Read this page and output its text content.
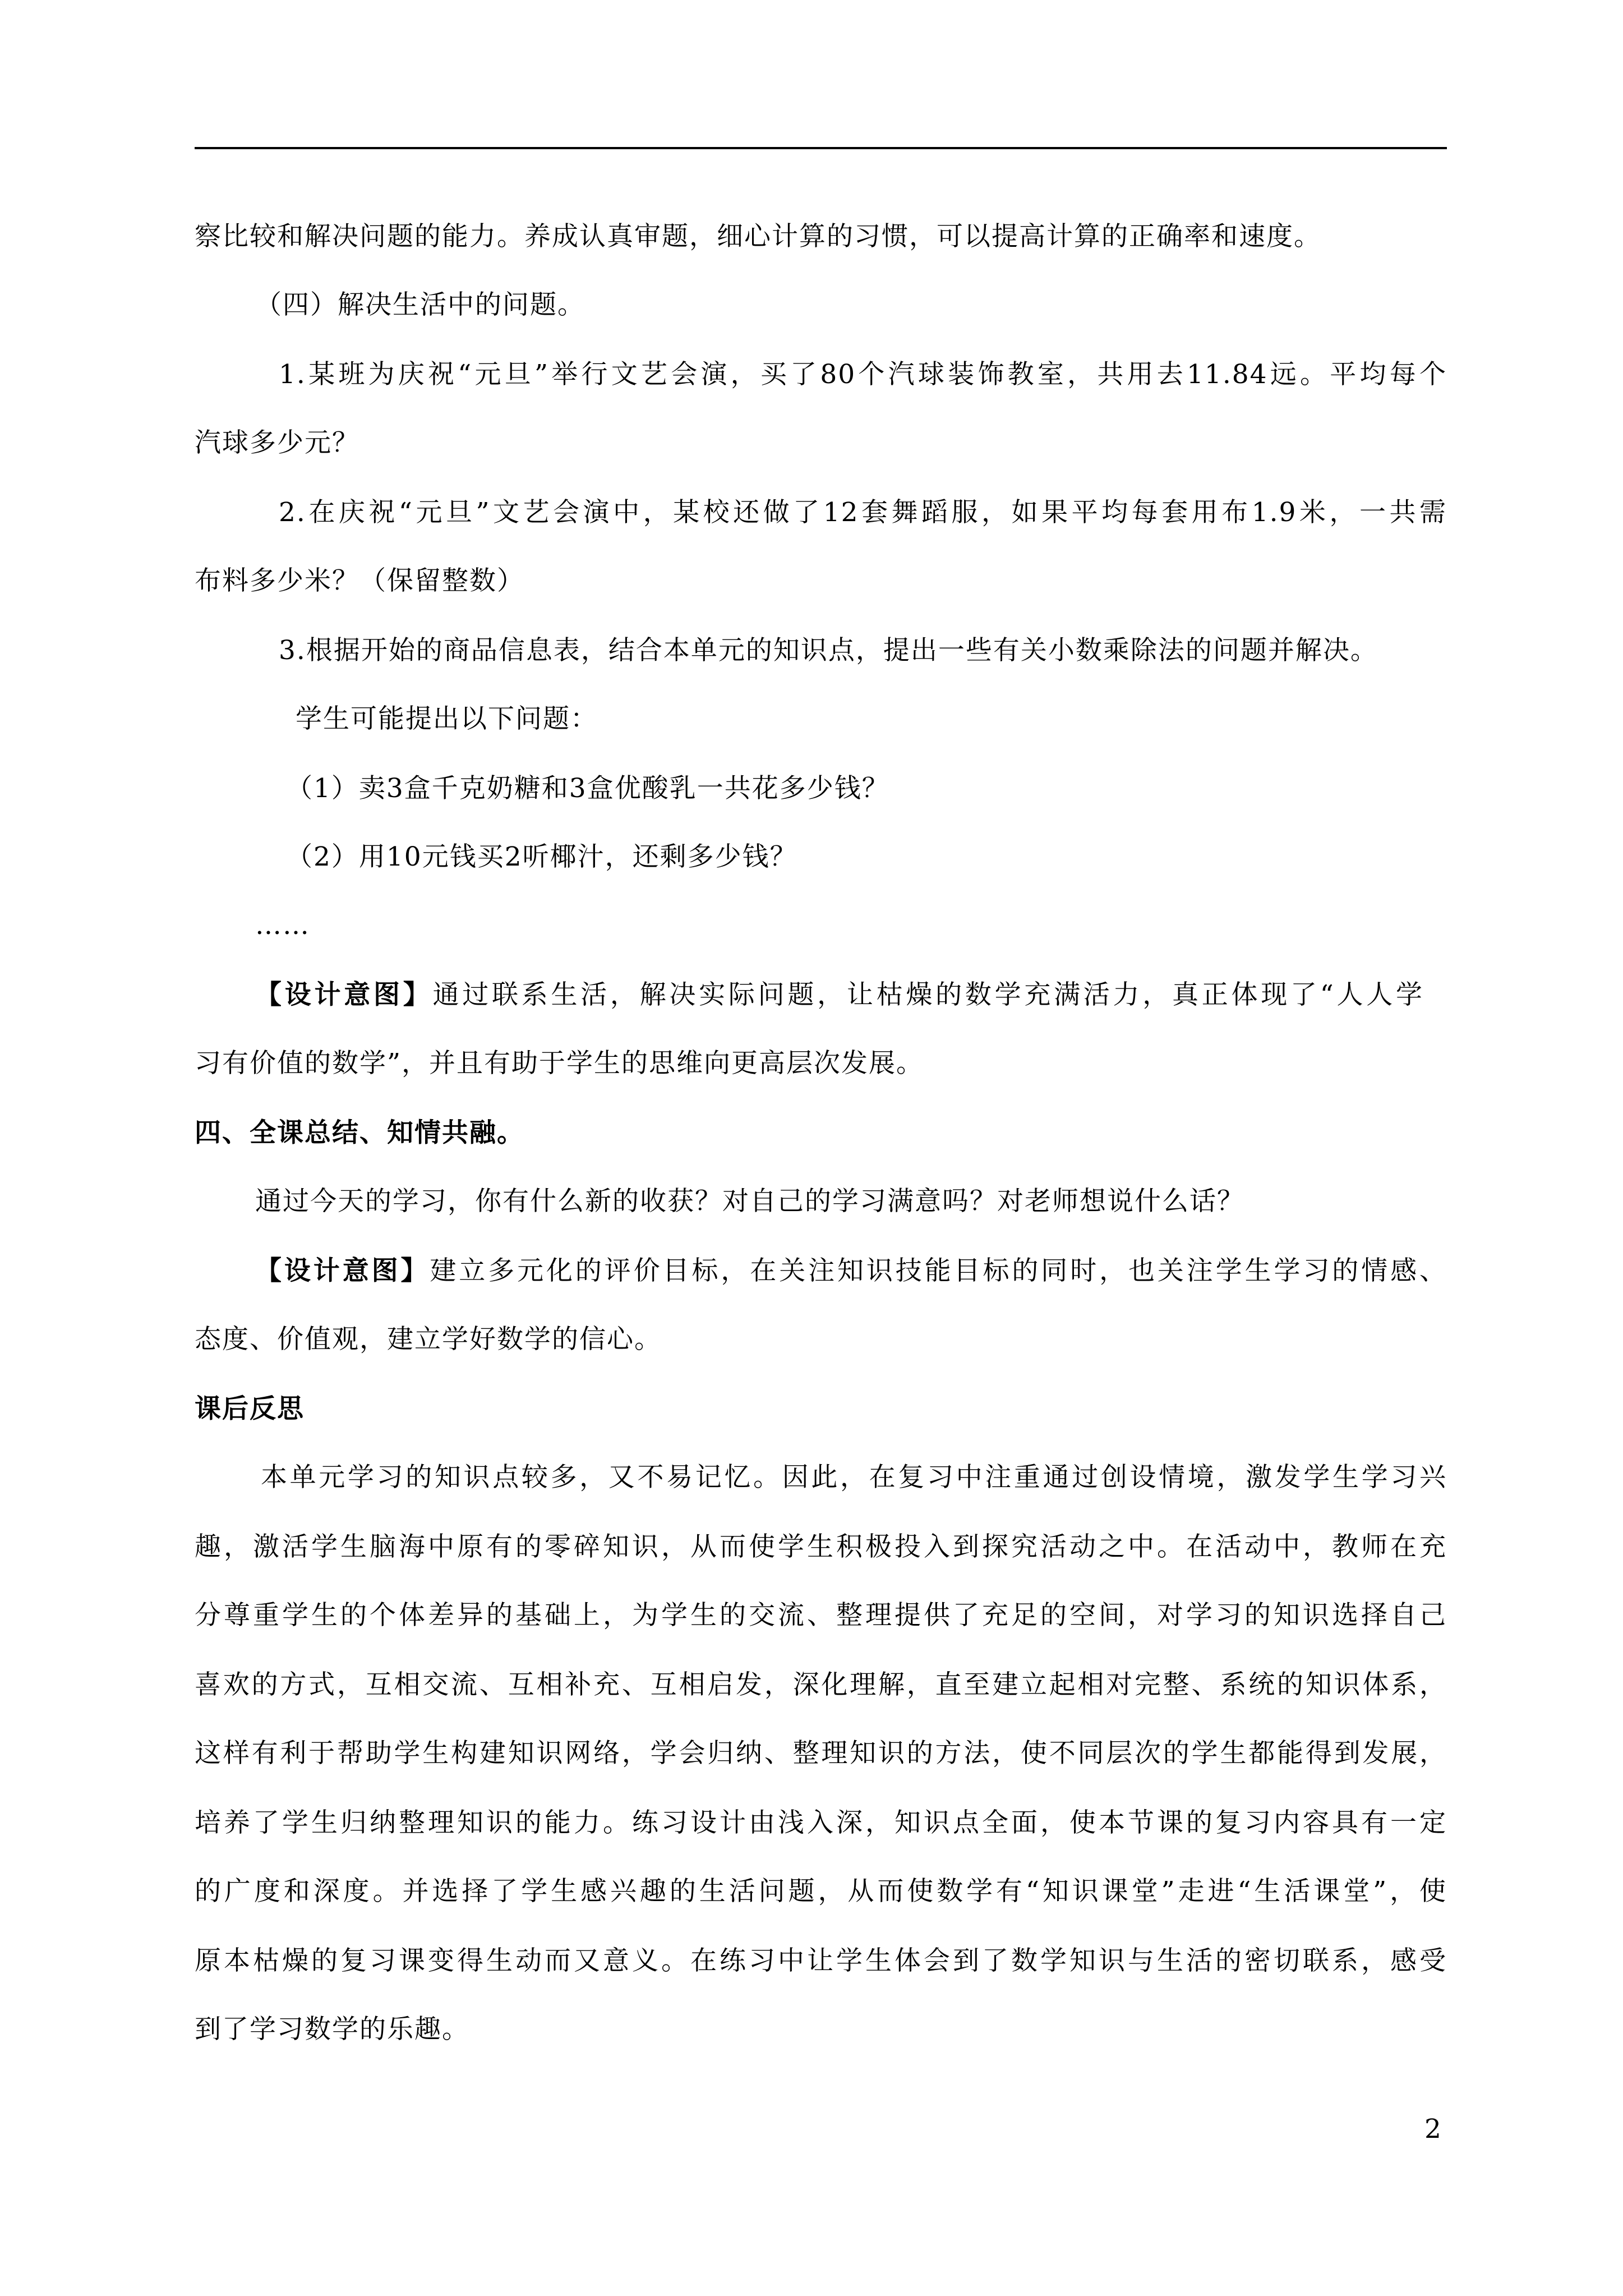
察比较和解决问题的能力。养成认真审题，细心计算的习惯，可以提高计算的正确率和速度。
（四）解决生活中的问题。
1.某班为庆祝“元旦”举行文艺会演，买了80个汽球装饰教室，共用去11.84远。平均每个
汽球多少元？
2.在庆祝“元旦”文艺会演中，某校还做了12套舞蹈服，如果平均每套用布1.9米，一共需
布料多少米？（保留整数）
3.根据开始的商品信息表，结合本单元的知识点，提出一些有关小数乘除法的问题并解决。
学生可能提出以下问题：
（1）卖3盒千克奶糖和3盒优酸乳一共花多少钱？
（2）用10元钱买2听椰汁，还剩多少钱？
……
【设计意图】通过联系生活，解决实际问题，让枯燥的数学充满活力，真正体现了“人人学
习有价值的数学”，并且有助于学生的思维向更高层次发展。
四、全课总结、知情共融。
通过今天的学习，你有什么新的收获？对自己的学习满意吗？对老师想说什么话？
【设计意图】建立多元化的评价目标，在关注知识技能目标的同时，也关注学生学习的情感、
态度、价值观，建立学好数学的信心。
课后反思
本单元学习的知识点较多，又不易记忆。因此，在复习中注重通过创设情境，激发学生学习兴
趣，激活学生脑海中原有的零碎知识，从而使学生积极投入到探究活动之中。在活动中，教师在充
分尊重学生的个体差异的基础上，为学生的交流、整理提供了充足的空间，对学习的知识选择自己
喜欢的方式，互相交流、互相补充、互相启发，深化理解，直至建立起相对完整、系统的知识体系，
这样有利于帮助学生构建知识网络，学会归纳、整理知识的方法，使不同层次的学生都能得到发展，
培养了学生归纳整理知识的能力。练习设计由浅入深，知识点全面，使本节课的复习内容具有一定
的广度和深度。并选择了学生感兴趣的生活问题，从而使数学有“知识课堂”走进“生活课堂”，使
原本枯燥的复习课变得生动而又意义。在练习中让学生体会到了数学知识与生活的密切联系，感受
到了学习数学的乐趣。
2
